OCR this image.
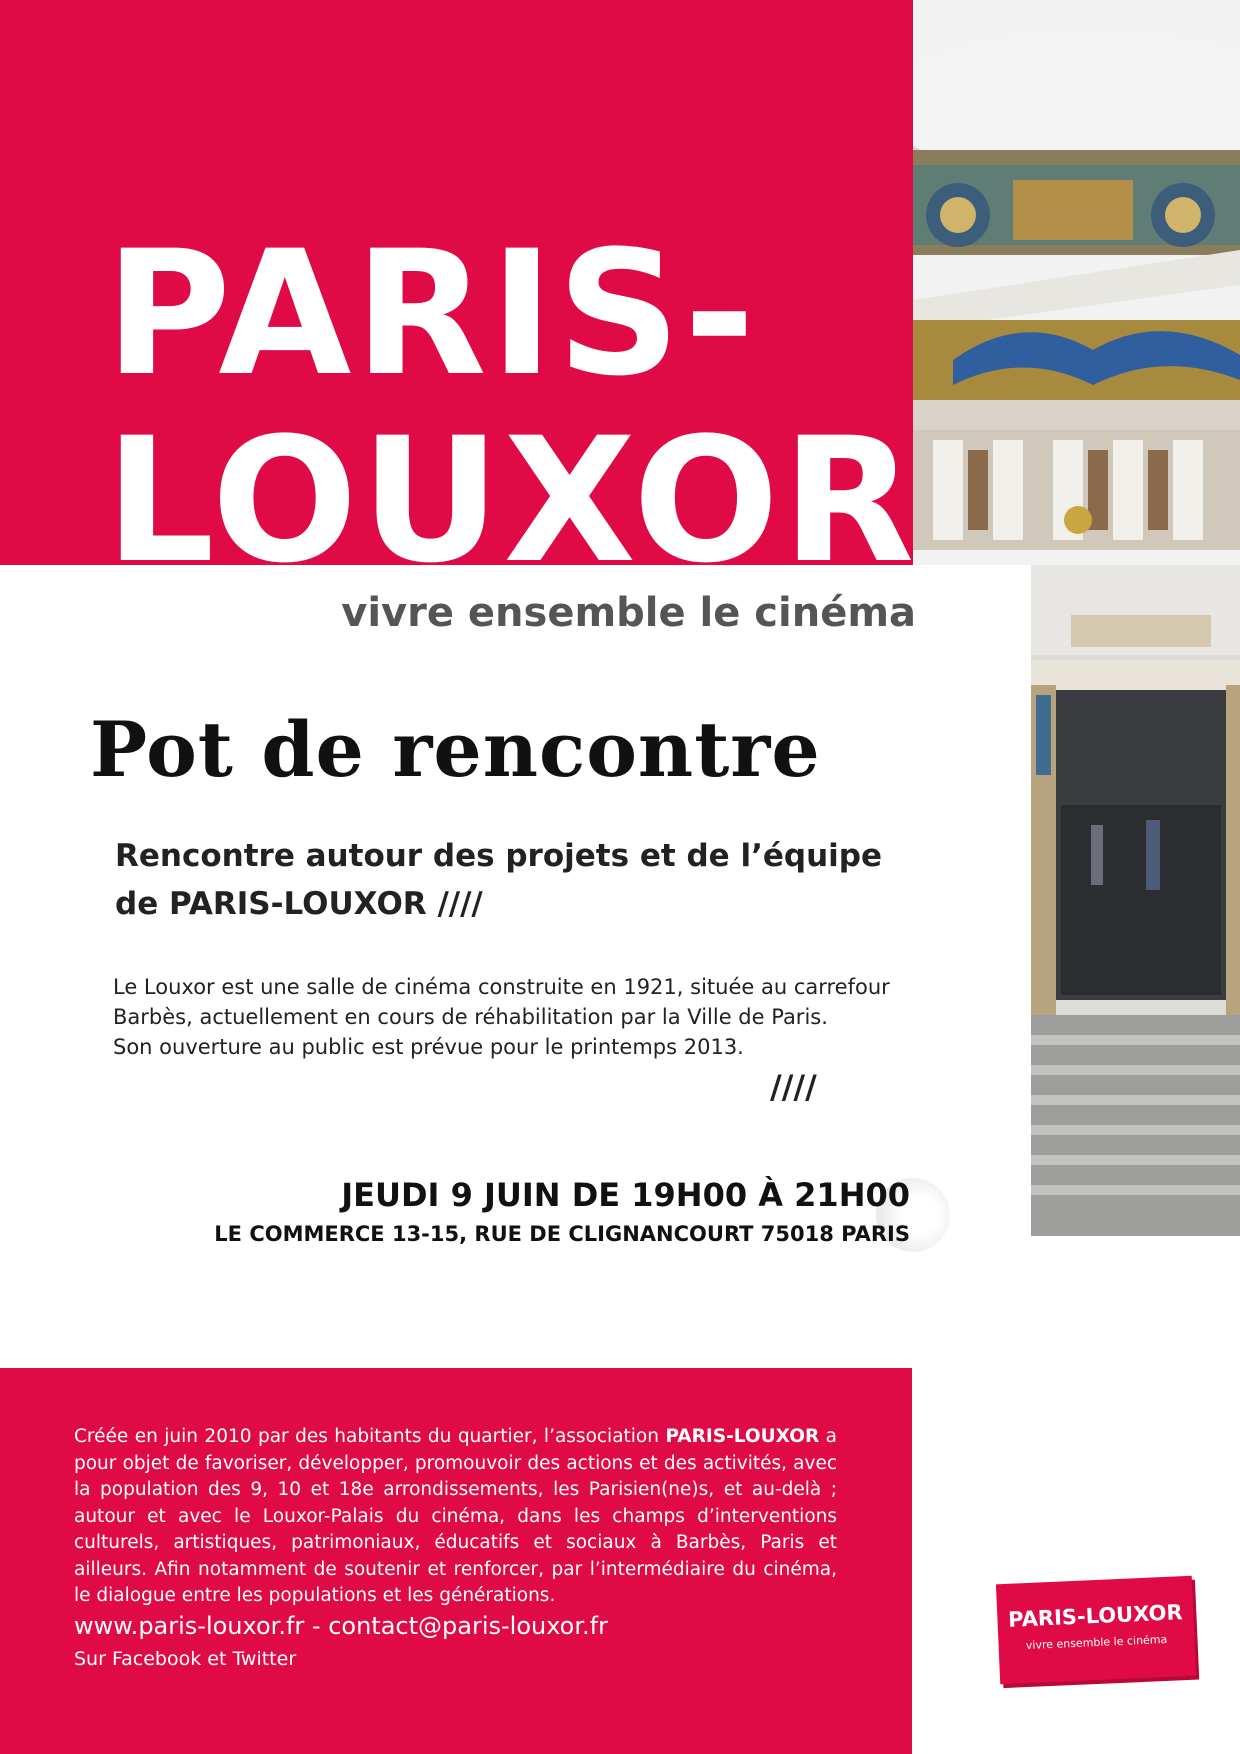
PARIS-
LOUXOR
vivre ensemble le cinéma
Pot de rencontre
Rencontre autour des projets et de l’équipe
de PARIS-LOUXOR ////
Le Louxor est une salle de cinéma construite en 1921, située au carrefour
Barbès, actuellement en cours de réhabilitation par la Ville de Paris.
Son ouverture au public est prévue pour le printemps 2013.
////
JEUDI 9 JUIN DE 19H00 À 21H00
LE COMMERCE 13-15, RUE DE CLIGNANCOURT 75018 PARIS
Créée en juin 2010 par des habitants du quartier, l’association PARIS-LOUXOR a pour objet de favoriser, développer, promouvoir des actions et des activités, avec la population des 9, 10 et 18e arrondissements, les Parisien(ne)s, et au-delà ; autour et avec le Louxor-Palais du cinéma, dans les champs d’interventions culturels, artistiques, patrimoniaux, éducatifs et sociaux à Barbès, Paris et ailleurs. Afin notamment de soutenir et renforcer, par l’intermédiaire du cinéma, le dialogue entre les populations et les générations.
www.paris-louxor.fr - contact@paris-louxor.fr
Sur Facebook et Twitter
PARIS-LOUXOR
vivre ensemble le cinéma
